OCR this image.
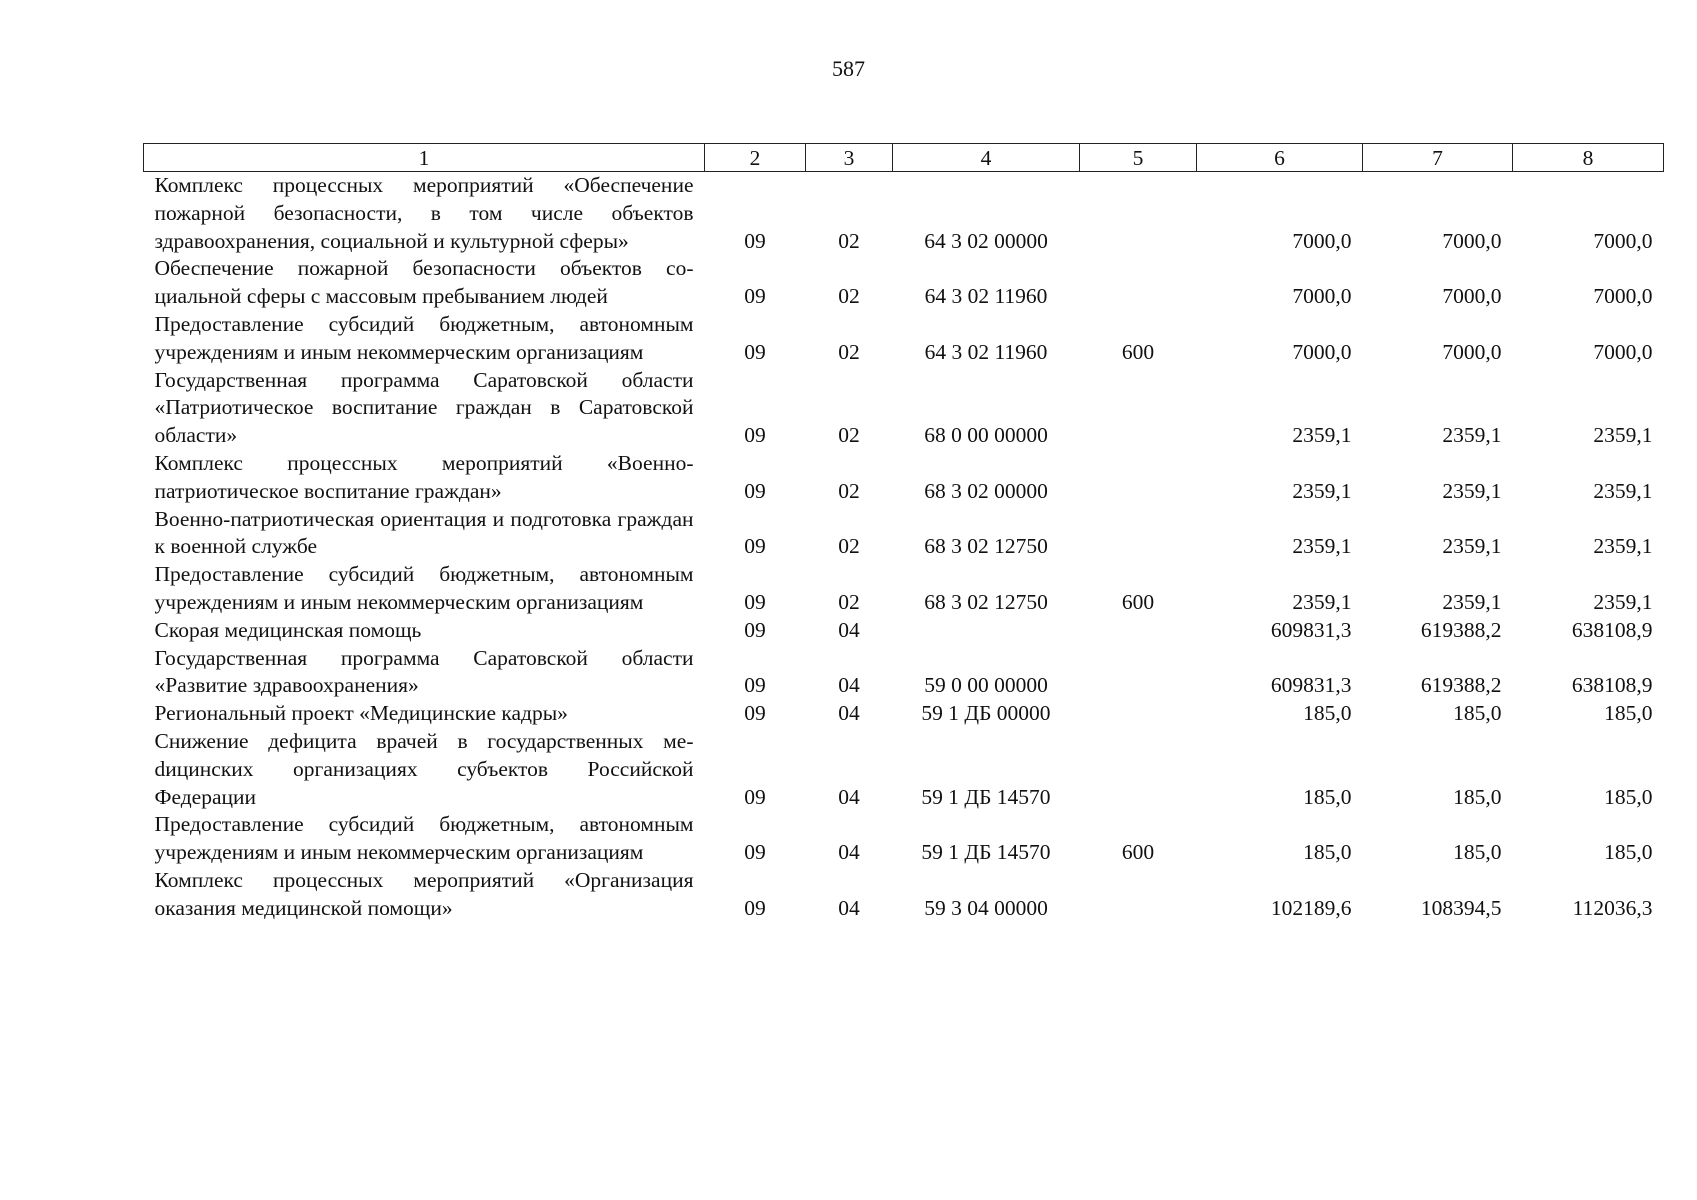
587
1	2	3	4	5	6	7	8
Комплекс процессных мероприятий «Обеспечение пожарной безопасности, в том числе объектов здравоохранения, социальной и культурной сферы»	09	02	64 3 02 00000		7000,0	7000,0	7000,0
Обеспечение пожарной безопасности объектов социальной сферы с массовым пребыванием людей	09	02	64 3 02 11960		7000,0	7000,0	7000,0
Предоставление субсидий бюджетным, автономным учреждениям и иным некоммерческим организациям	09	02	64 3 02 11960	600	7000,0	7000,0	7000,0
Государственная программа Саратовской области «Патриотическое воспитание граждан в Саратовской области»	09	02	68 0 00 00000		2359,1	2359,1	2359,1
Комплекс процессных мероприятий «Военно-патриотическое воспитание граждан»	09	02	68 3 02 00000		2359,1	2359,1	2359,1
Военно-патриотическая ориентация и подготовка граждан к военной службе	09	02	68 3 02 12750		2359,1	2359,1	2359,1
Предоставление субсидий бюджетным, автономным учреждениям и иным некоммерческим организациям	09	02	68 3 02 12750	600	2359,1	2359,1	2359,1
Скорая медицинская помощь	09	04			609831,3	619388,2	638108,9
Государственная программа Саратовской области «Развитие здравоохранения»	09	04	59 0 00 00000		609831,3	619388,2	638108,9
Региональный проект «Медицинские кадры»	09	04	59 1 ДБ 00000		185,0	185,0	185,0
Снижение дефицита врачей в государственных меdицинских организациях субъектов Российской Федерации	09	04	59 1 ДБ 14570		185,0	185,0	185,0
Предоставление субсидий бюджетным, автономным учреждениям и иным некоммерческим организациям	09	04	59 1 ДБ 14570	600	185,0	185,0	185,0
Комплекс процессных мероприятий «Организация оказания медицинской помощи»	09	04	59 3 04 00000		102189,6	108394,5	112036,3
